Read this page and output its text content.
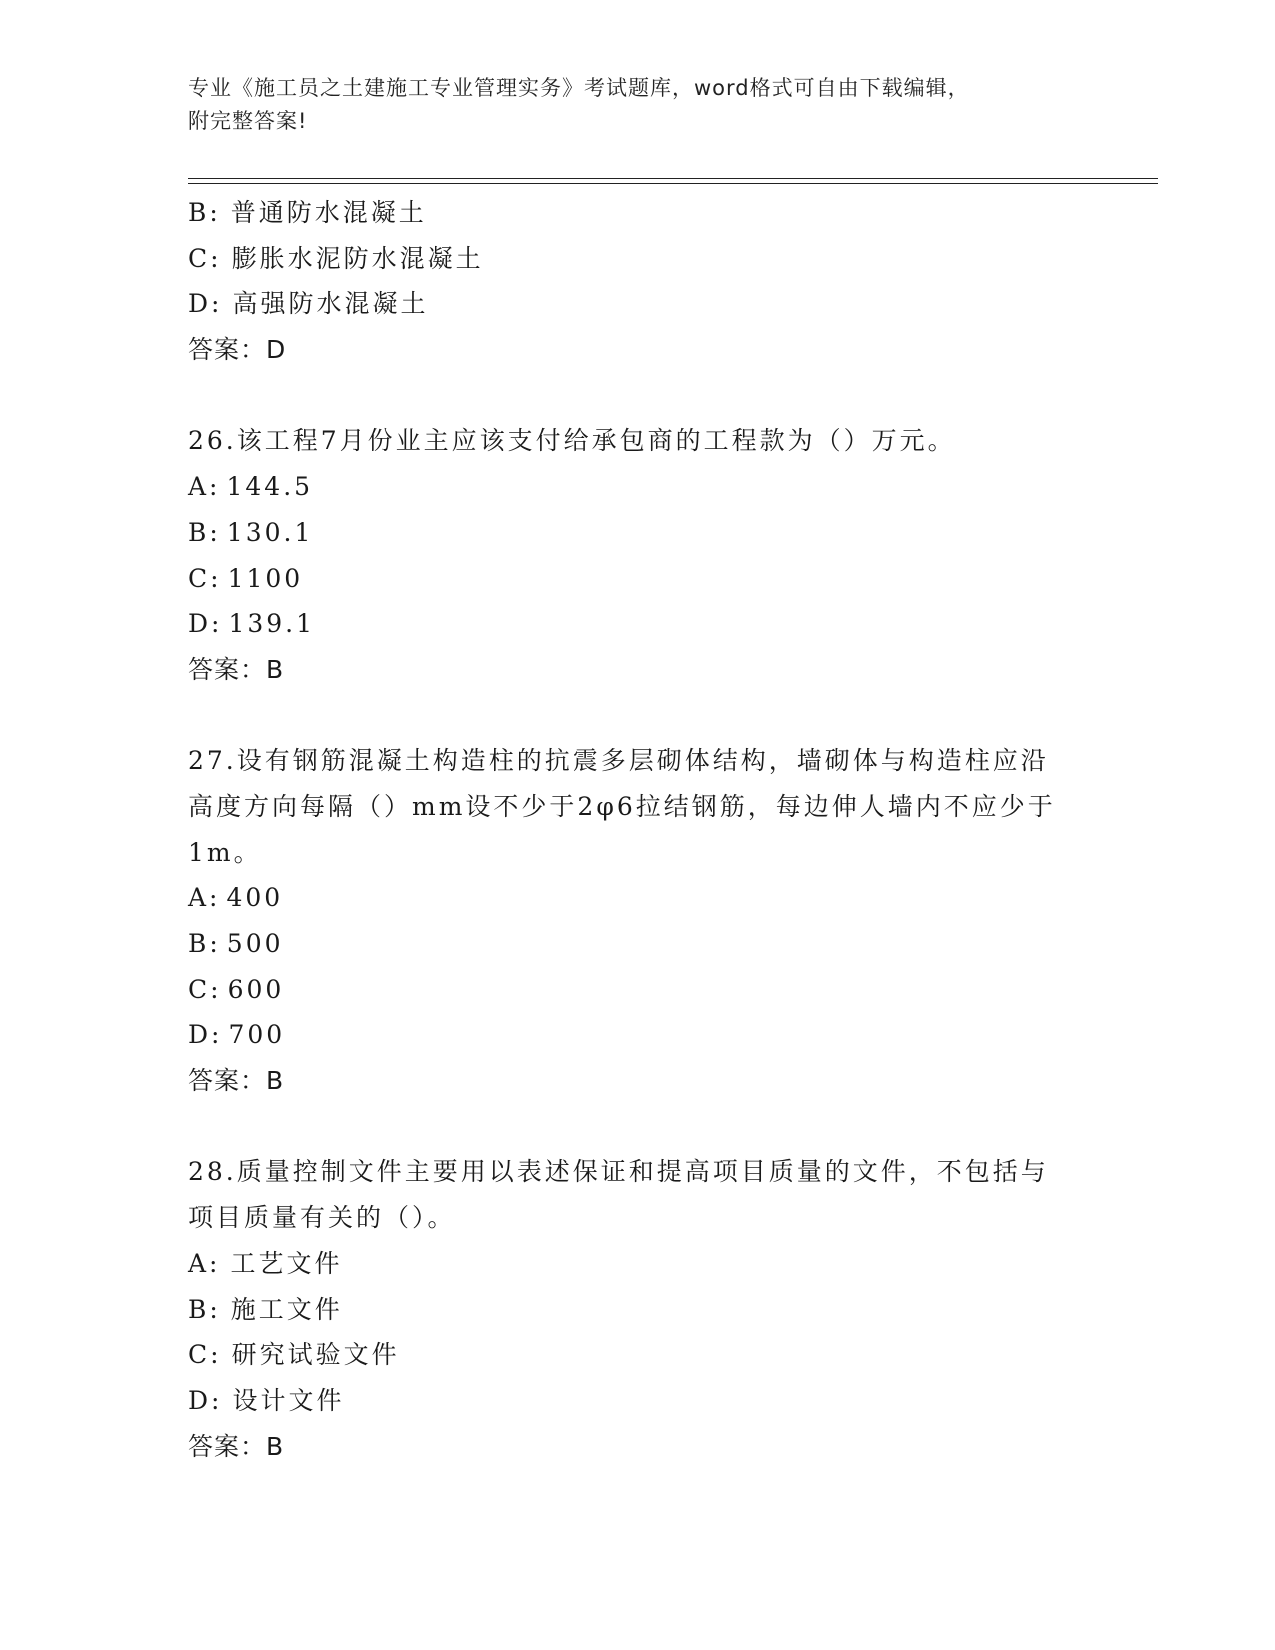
专业《施工员之土建施工专业管理实务》考试题库，word格式可自由下载编辑，
附完整答案!
B: 普通防水混凝土
C: 膨胀水泥防水混凝土
D: 高强防水混凝土
答案：D
26.该工程7月份业主应该支付给承包商的工程款为（）万元。
A: 144.5
B: 130.1
C: 1100
D: 139.1
答案：B
27.设有钢筋混凝土构造柱的抗震多层砌体结构，墙砌体与构造柱应沿
高度方向每隔（）mm设不少于2φ6拉结钢筋，每边伸人墙内不应少于
1m。
A: 400
B: 500
C: 600
D: 700
答案：B
28.质量控制文件主要用以表述保证和提高项目质量的文件，不包括与
项目质量有关的（）。
A: 工艺文件
B: 施工文件
C: 研究试验文件
D: 设计文件
答案：B
